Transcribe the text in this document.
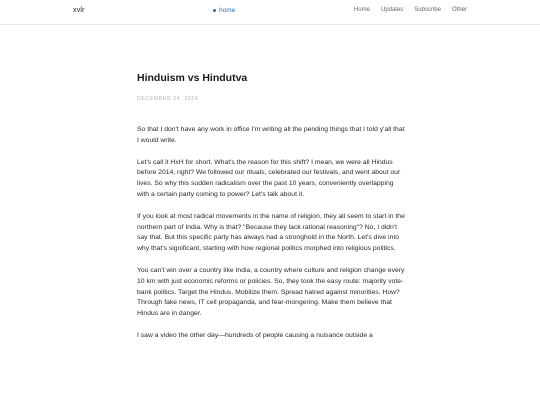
xvlr	home	Home Updates Subscribe Other
Hinduism vs Hindutva
DECEMBER 24, 2024

So that I don't have any work in office I'm writing all the pending things that I told y'all that I would write.

Let's call it HxH for short. What's the reason for this shift? I mean, we were all Hindus before 2014, right? We followed our rituals, celebrated our festivals, and went about our lives. So why this sudden radicalism over the past 10 years, conveniently overlapping with a certain party coming to power? Let's talk about it.

If you look at most radical movements in the name of religion, they all seem to start in the northern part of India. Why is that? "Because they lack rational reasoning"? No, I didn't say that. But this specific party has always had a stronghold in the North. Let's dive into why that's significant, starting with how regional politics morphed into religious politics.

You can't win over a country like India, a country where culture and religion change every 10 km with just economic reforms or policies. So, they took the easy route: majority vote-bank politics. Target the Hindus. Mobilize them. Spread hatred against minorities. How? Through fake news, IT cell propaganda, and fear-mongering. Make them believe that Hindus are in danger.

I saw a video the other day—hundreds of people causing a nuisance outside a
